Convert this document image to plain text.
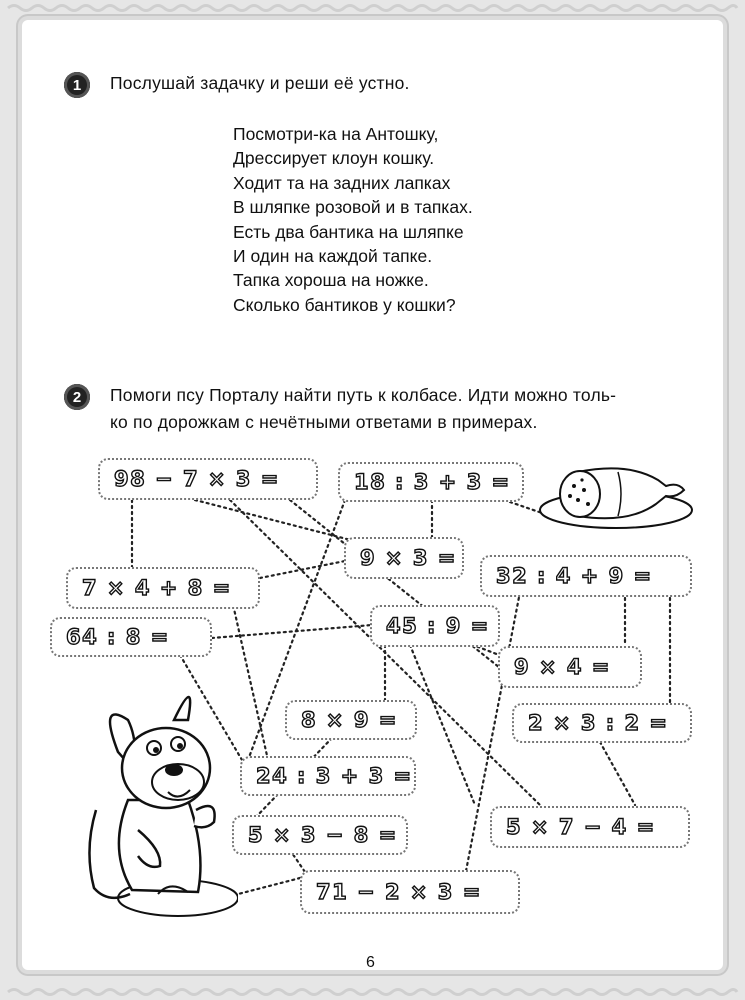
1	Послушай задачку и реши её устно.
Посмотри-ка на Антошку,
Дрессирует клоун кошку.
Ходит та на задних лапках
В шляпке розовой и в тапках.
Есть два бантика на шляпке
И один на каждой тапке.
Тапка хороша на ножке.
Сколько бантиков у кошки?
2	Помоги псу Порталу найти путь к колбасе. Идти можно толь-
ко по дорожкам с нечётными ответами в примерах.
98 − 7 × 3 =	18 : 3 + 3 =
9 × 3 =
32 : 4 + 9 =
7 × 4 + 8 =
45 : 9 =
64 : 8 =
9 × 4 =
8 × 9 =	2 × 3 : 2 =
24 : 3 + 3 =
5 × 3 − 8 =	5 × 7 − 4 =
71 − 2 × 3 =
6
